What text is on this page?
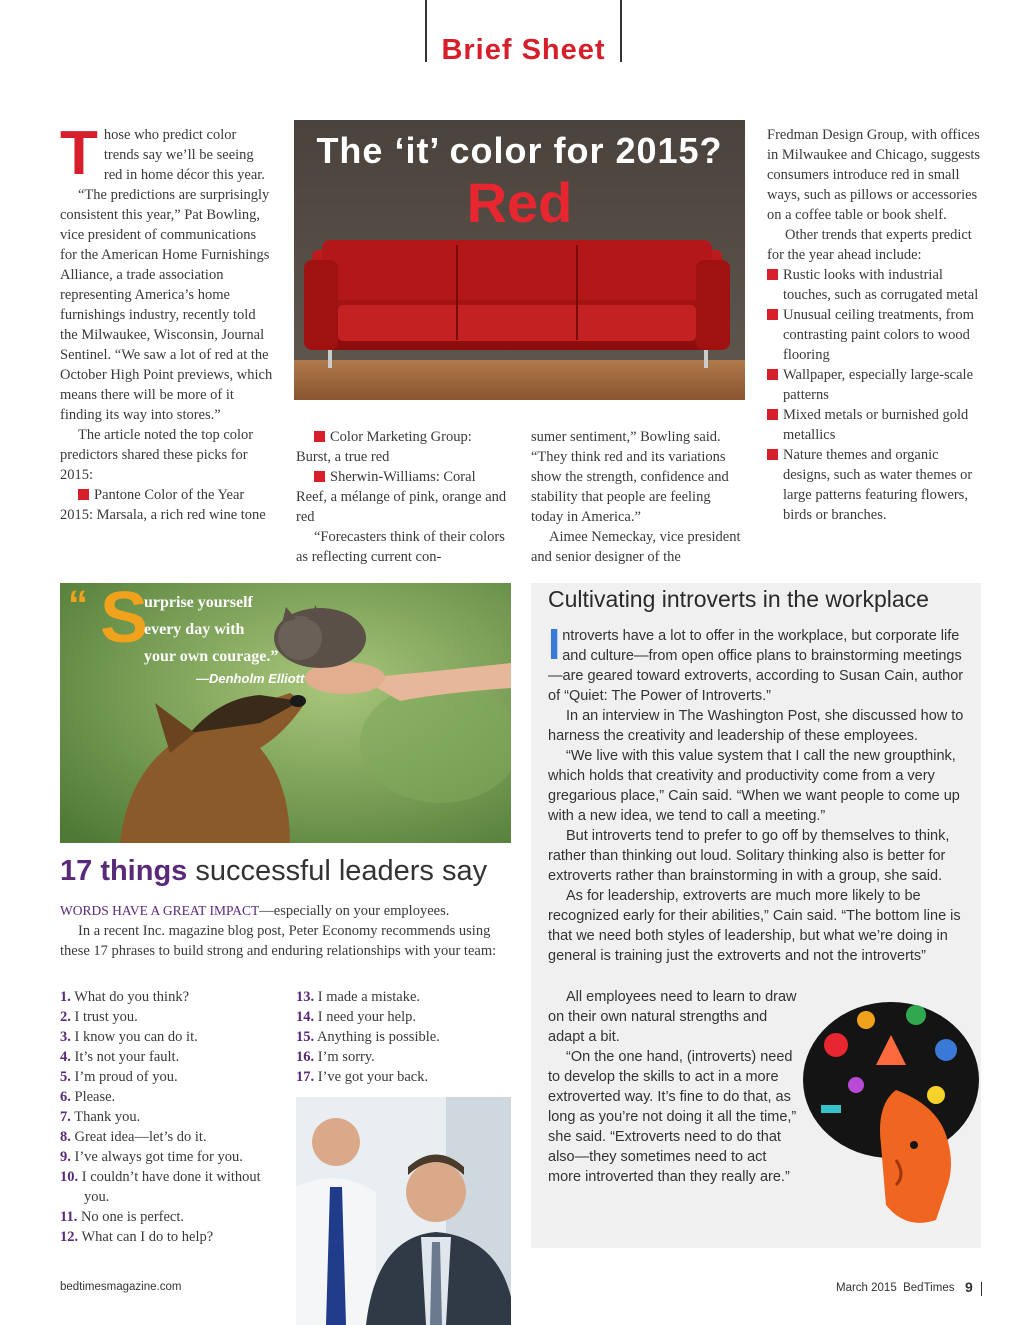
Brief Sheet

Those who predict color trends say we’ll be seeing red in home décor this year.

“The predictions are surprisingly consistent this year,” Pat Bowling, vice president of communications for the American Home Furnishings Alliance, a trade association representing America’s home furnishings industry, recently told the Milwaukee, Wisconsin, Journal Sentinel. “We saw a lot of red at the October High Point previews, which means there will be more of it finding its way into stores.”

The article noted the top color predictors shared these picks for 2015:

Pantone Color of the Year 2015: Marsala, a rich red wine tone

The ‘it’ color for 2015?
Red

Color Marketing Group: Burst, a true red

Sherwin-Williams: Coral Reef, a mélange of pink, orange and red

“Forecasters think of their colors as reflecting current con-

sumer sentiment,” Bowling said. “They think red and its variations show the strength, confidence and stability that people are feeling today in America.”

Aimee Nemeckay, vice president and senior designer of the

Fredman Design Group, with offices in Milwaukee and Chicago, suggests consumers introduce red in small ways, such as pillows or accessories on a coffee table or book shelf.

Other trends that experts predict for the year ahead include:

Rustic looks with industrial touches, such as corrugated metal

Unusual ceiling treatments, from contrasting paint colors to wood flooring

Wallpaper, especially large-scale patterns

Mixed metals or burnished gold metallics

Nature themes and organic designs, such as water themes or large patterns featuring flowers, birds or branches.

“ S
urprise yourself
every day with
your own courage.”
—Denholm Elliott
17 things successful leaders say
WORDS HAVE A GREAT IMPACT—especially on your employees.
In a recent Inc. magazine blog post, Peter Economy recommends using these 17 phrases to build strong and enduring relationships with your team:
1. What do you think?
2. I trust you.
3. I know you can do it.
4. It’s not your fault.
5. I’m proud of you.
6. Please.
7. Thank you.
8. Great idea—let’s do it.
9. I’ve always got time for you.
10. I couldn’t have done it without you.
11. No one is perfect.
12. What can I do to help?
13. I made a mistake.
14. I need your help.
15. Anything is possible.
16. I’m sorry.
17. I’ve got your back.
Cultivating introverts in the workplace

Introverts have a lot to offer in the workplace, but corporate life and culture—from open office plans to brainstorming meetings—are geared toward extroverts, according to Susan Cain, author of “Quiet: The Power of Introverts.”

In an interview in The Washington Post, she discussed how to harness the creativity and leadership of these employees.

“We live with this value system that I call the new groupthink, which holds that creativity and productivity come from a very gregarious place,” Cain said. “When we want people to come up with a new idea, we tend to call a meeting.”

But introverts tend to prefer to go off by themselves to think, rather than thinking out loud. Solitary thinking also is better for extroverts rather than brainstorming in with a group, she said.

As for leadership, extroverts are much more likely to be recognized early for their abilities,” Cain said. “The bottom line is that we need both styles of leadership, but what we’re doing in general is training just the extroverts and not the introverts”

All employees need to learn to draw on their own natural strengths and adapt a bit.

“On the one hand, (introverts) need to develop the skills to act in a more extroverted way. It’s fine to do that, as long as you’re not doing it all the time,” she said. “Extroverts need to do that also—they sometimes need to act more introverted than they really are.”

bedtimesmagazine.com	March 2015  BedTimes 9
